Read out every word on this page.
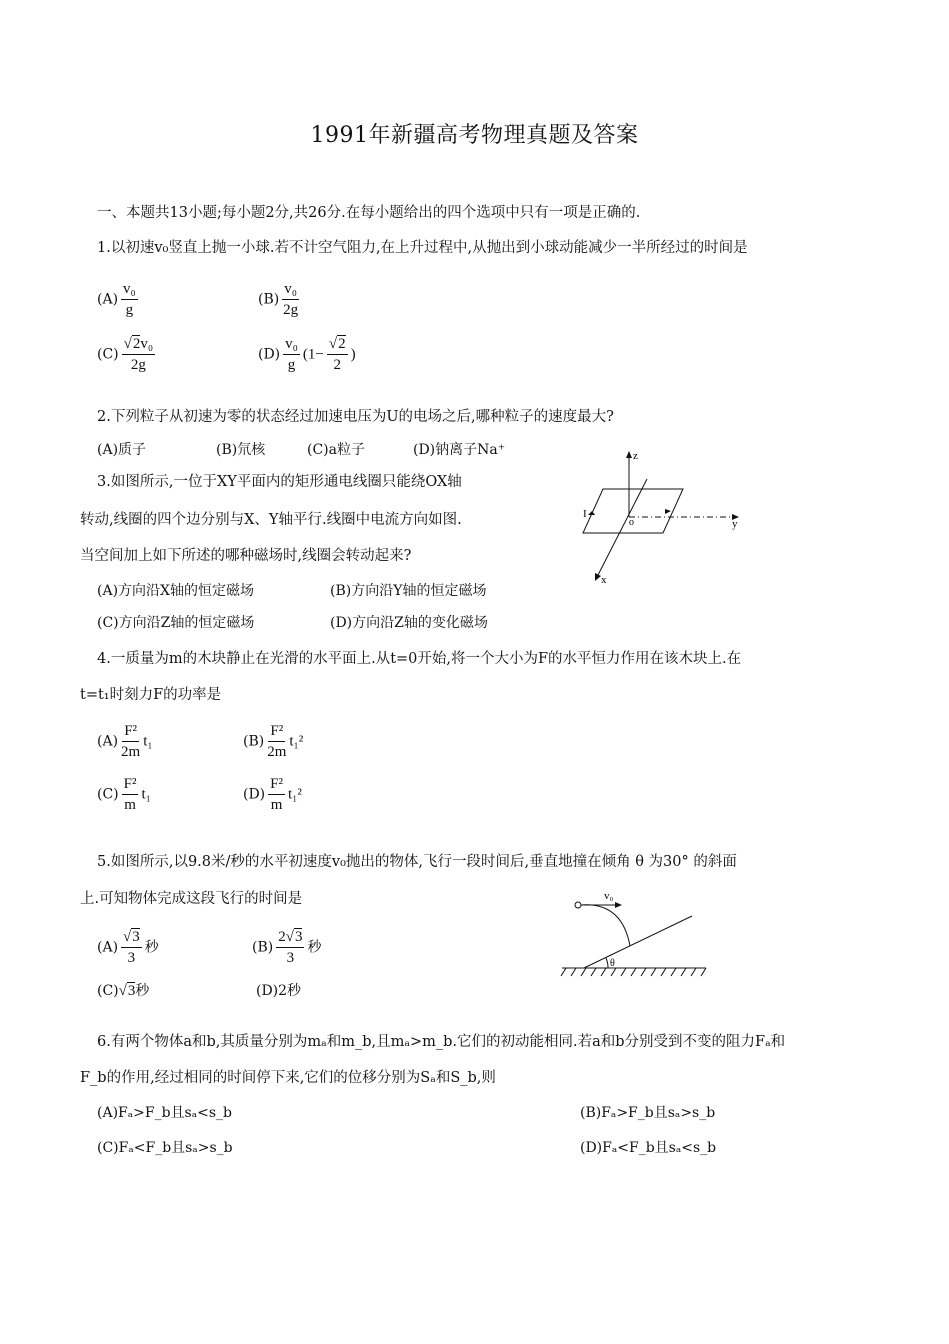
1991年新疆高考物理真题及答案
一、本题共13小题;每小题2分,共26分.在每小题给出的四个选项中只有一项是正确的.
1.以初速v₀竖直上抛一小球.若不计空气阻力,在上升过程中,从抛出到小球动能减少一半所经过的时间是
$(A) \frac{\text{v₀}}{g}$	$(B) \frac{\text{v₀}}{2g}$
$(C) \frac{\text{√2v₀}}{2g}$	$(D) \frac{\text{v₀}}{g} (1- \frac{√2}{2}$ )
2.下列粒子从初速为零的状态经过加速电压为U的电场之后,哪种粒子的速度最大?
(A)质子	(B)氘核	(C)a粒子	(D)钠离子Na⁺
3.如图所示,一位于XY平面内的矩形通电线圈只能绕OX轴
转动,线圈的四个边分别与X、Y轴平行.线圈中电流方向如图.
当空间加上如下所述的哪种磁场时,线圈会转动起来?
(A)方向沿X轴的恒定磁场	(B)方向沿Y轴的恒定磁场
(C)方向沿Z轴的恒定磁场	(D)方向沿Z轴的变化磁场
z
y
x
o
I
4.一质量为m的木块静止在光滑的水平面上.从t=0开始,将一个大小为F的水平恒力作用在该木块上.在
t=t₁时刻力F的功率是
$(A) \frac{\text{F²}}{2m} t_1$	$(B) \frac{\text{F²}}{2m} t_1^2$
$(C) \frac{\text{F²}}{m} t_1$	$(D) \frac{\text{F²}}{m} t_1^2$
5.如图所示,以9.8米/秒的水平初速度v₀抛出的物体,飞行一段时间后,垂直地撞在倾角 θ 为30° 的斜面
上.可知物体完成这段飞行的时间是
$(A) \frac{√3}{3}$ 秒	$(B) \frac{2√3}{3}$ 秒
(C)√3秒	(D)2秒
θ
v₀
6.有两个物体a和b,其质量分别为mₐ和m_b,且mₐ>m_b.它们的初动能相同.若a和b分别受到不变的阻力Fₐ和
F_b的作用,经过相同的时间停下来,它们的位移分别为Sₐ和S_b,则
(A)Fₐ>F_b且sₐ<s_b	(B)Fₐ>F_b且sₐ>s_b
(C)Fₐ<F_b且sₐ>s_b	(D)Fₐ<F_b且sₐ<s_b
